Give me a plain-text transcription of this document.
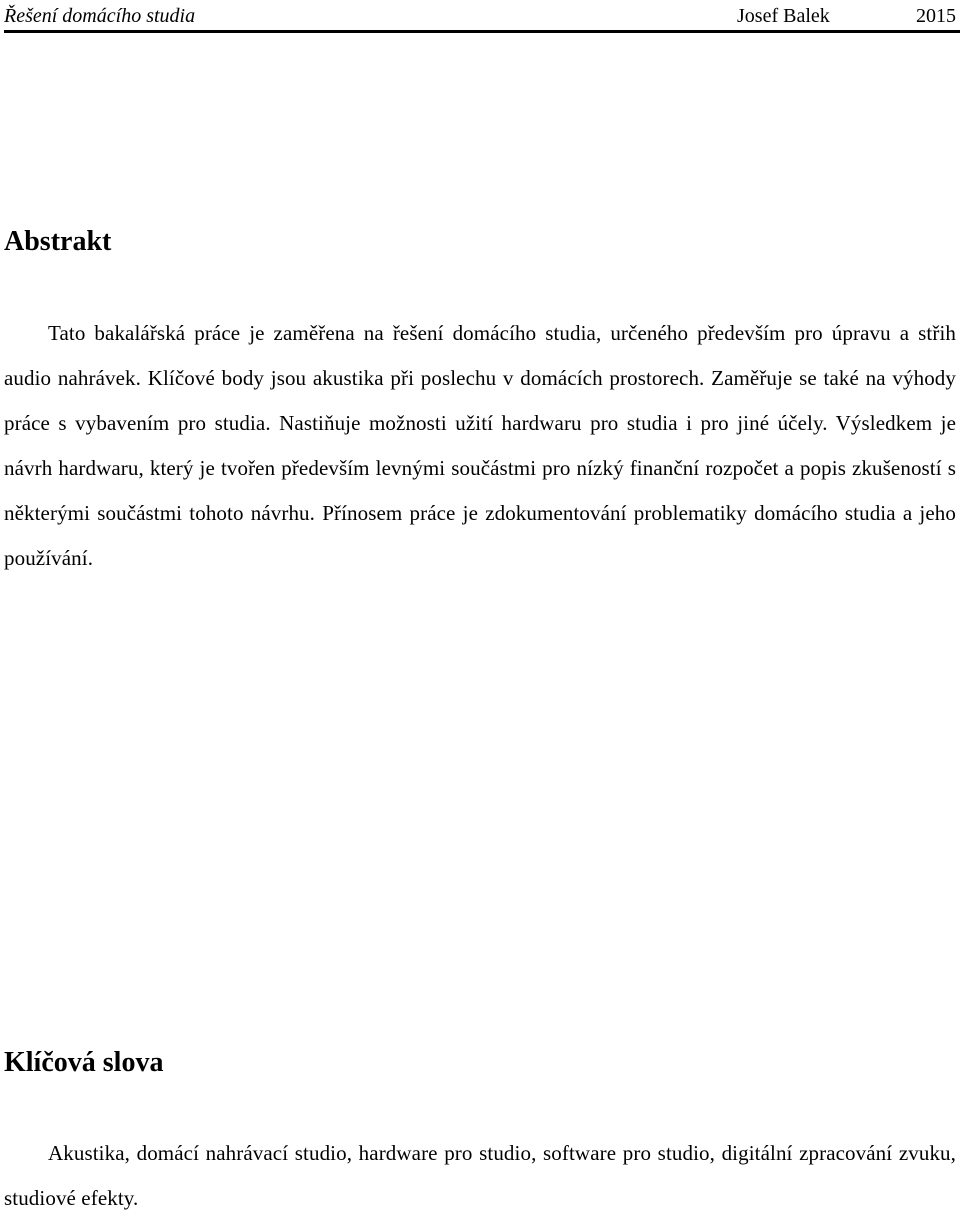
Řešení domácího studia	Josef Balek	2015
Abstrakt

Tato bakalářská práce je zaměřena na řešení domácího studia, určeného především pro úpravu a střih audio nahrávek. Klíčové body jsou akustika při poslechu v domácích prostorech. Zaměřuje se také na výhody práce s vybavením pro studia. Nastiňuje možnosti užití hardwaru pro studia i pro jiné účely. Výsledkem je návrh hardwaru, který je tvořen především levnými součástmi pro nízký finanční rozpočet a popis zkušeností s některými součástmi tohoto návrhu. Přínosem práce je zdokumentování problematiky domácího studia a jeho používání.

Klíčová slova

Akustika, domácí nahrávací studio, hardware pro studio, software pro studio, digitální zpracování zvuku, studiové efekty.
